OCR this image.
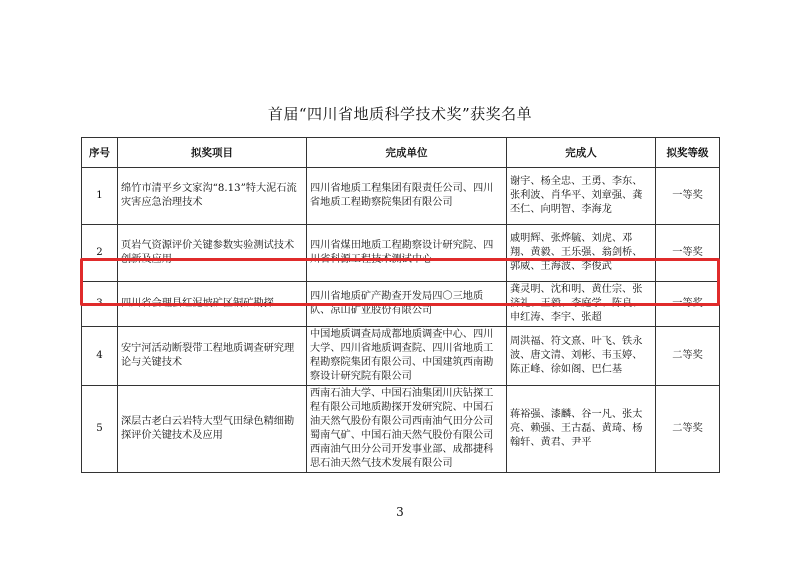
首届“四川省地质科学技术奖”获奖名单
序号	拟奖项目	完成单位	完成人	拟奖等级
1	绵竹市清平乡文家沟“8.13”特大泥石流灾害应急治理技术	四川省地质工程集团有限责任公司、四川省地质工程勘察院集团有限公司	谢宇、杨全忠、王勇、李东、张利波、肖华平、刘章强、龚丕仁、向明智、李海龙	一等奖
2	页岩气资源评价关键参数实验测试技术创新及应用	四川省煤田地质工程勘察设计研究院、四川省科源工程技术测试中心	戚明辉、张烨毓、刘虎、邓翔、黄毅、王乐强、翁剑桥、郭威、王海波、李俊武	一等奖
3	四川省会理县红泥坡矿区铜矿勘探	四川省地质矿产勘查开发局四〇三地质队、凉山矿业股份有限公司	龚灵明、沈和明、黄仕宗、张济礼、王毅、李庭学、陈良、申红涛、李宇、张超	一等奖
4	安宁河活动断裂带工程地质调查研究理论与关键技术	中国地质调查局成都地质调查中心、四川大学、四川省地质调查院、四川省地质工程勘察院集团有限公司、中国建筑西南勘察设计研究院有限公司	周洪福、符文熹、叶飞、铁永波、唐文清、刘彬、韦玉婷、陈正峰、徐如阁、巴仁基	二等奖
5	深层古老白云岩特大型气田绿色精细勘探评价关键技术及应用	西南石油大学、中国石油集团川庆钻探工程有限公司地质勘探开发研究院、中国石油天然气股份有限公司西南油气田分公司蜀南气矿、中国石油天然气股份有限公司西南油气田分公司开发事业部、成都捷科思石油天然气技术发展有限公司	蒋裕强、漆麟、谷一凡、张太亮、赖强、王古磊、黄琦、杨翰轩、黄君、尹平	二等奖
3
